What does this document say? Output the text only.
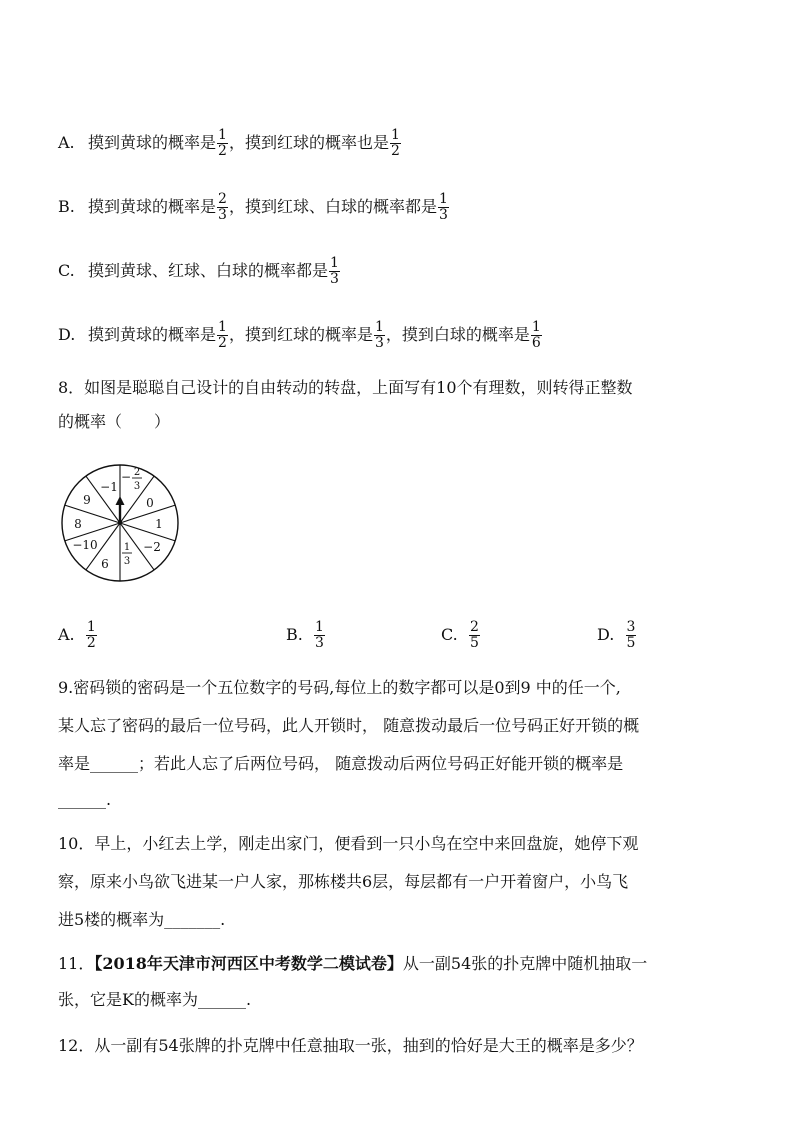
A. 摸到黄球的概率是 $\frac{1}{2}$ ，摸到红球的概率也是 $\frac{1}{2}$
B. 摸到黄球的概率是 $\frac{2}{3}$ ，摸到红球、白球的概率都是 $\frac{1}{3}$
C. 摸到黄球、红球、白球的概率都是 $\frac{1}{3}$
D. 摸到黄球的概率是 $\frac{1}{2}$ ，摸到红球的概率是 $\frac{1}{3}$ ，摸到白球的概率是 $\frac{1}{6}$
8．如图是聪聪自己设计的自由转动的转盘，上面写有10个有理数，则转得正整数
的概率（　　）
0
1
−2
6
−10
8
9
−1
− 2
3
1
3
A. $\frac{1}{2}$	B. $\frac{1}{3}$	C. $\frac{2}{5}$	D. $\frac{3}{5}$
9.密码锁的密码是一个五位数字的号码,每位上的数字都可以是0到9 中的任一个,
某人忘了密码的最后一位号码，此人开锁时， 随意拨动最后一位号码正好开锁的概
率是______；若此人忘了后两位号码， 随意拨动后两位号码正好能开锁的概率是
______.
10．早上，小红去上学，刚走出家门，便看到一只小鸟在空中来回盘旋，她停下观
察，原来小鸟欲飞进某一户人家，那栋楼共6层，每层都有一户开着窗户，小鸟飞
进5楼的概率为_______.
11．【2018年天津市河西区中考数学二模试卷】从一副54张的扑克牌中随机抽取一
张，它是K的概率为______.
12．从一副有54张牌的扑克牌中任意抽取一张，抽到的恰好是大王的概率是多少？
